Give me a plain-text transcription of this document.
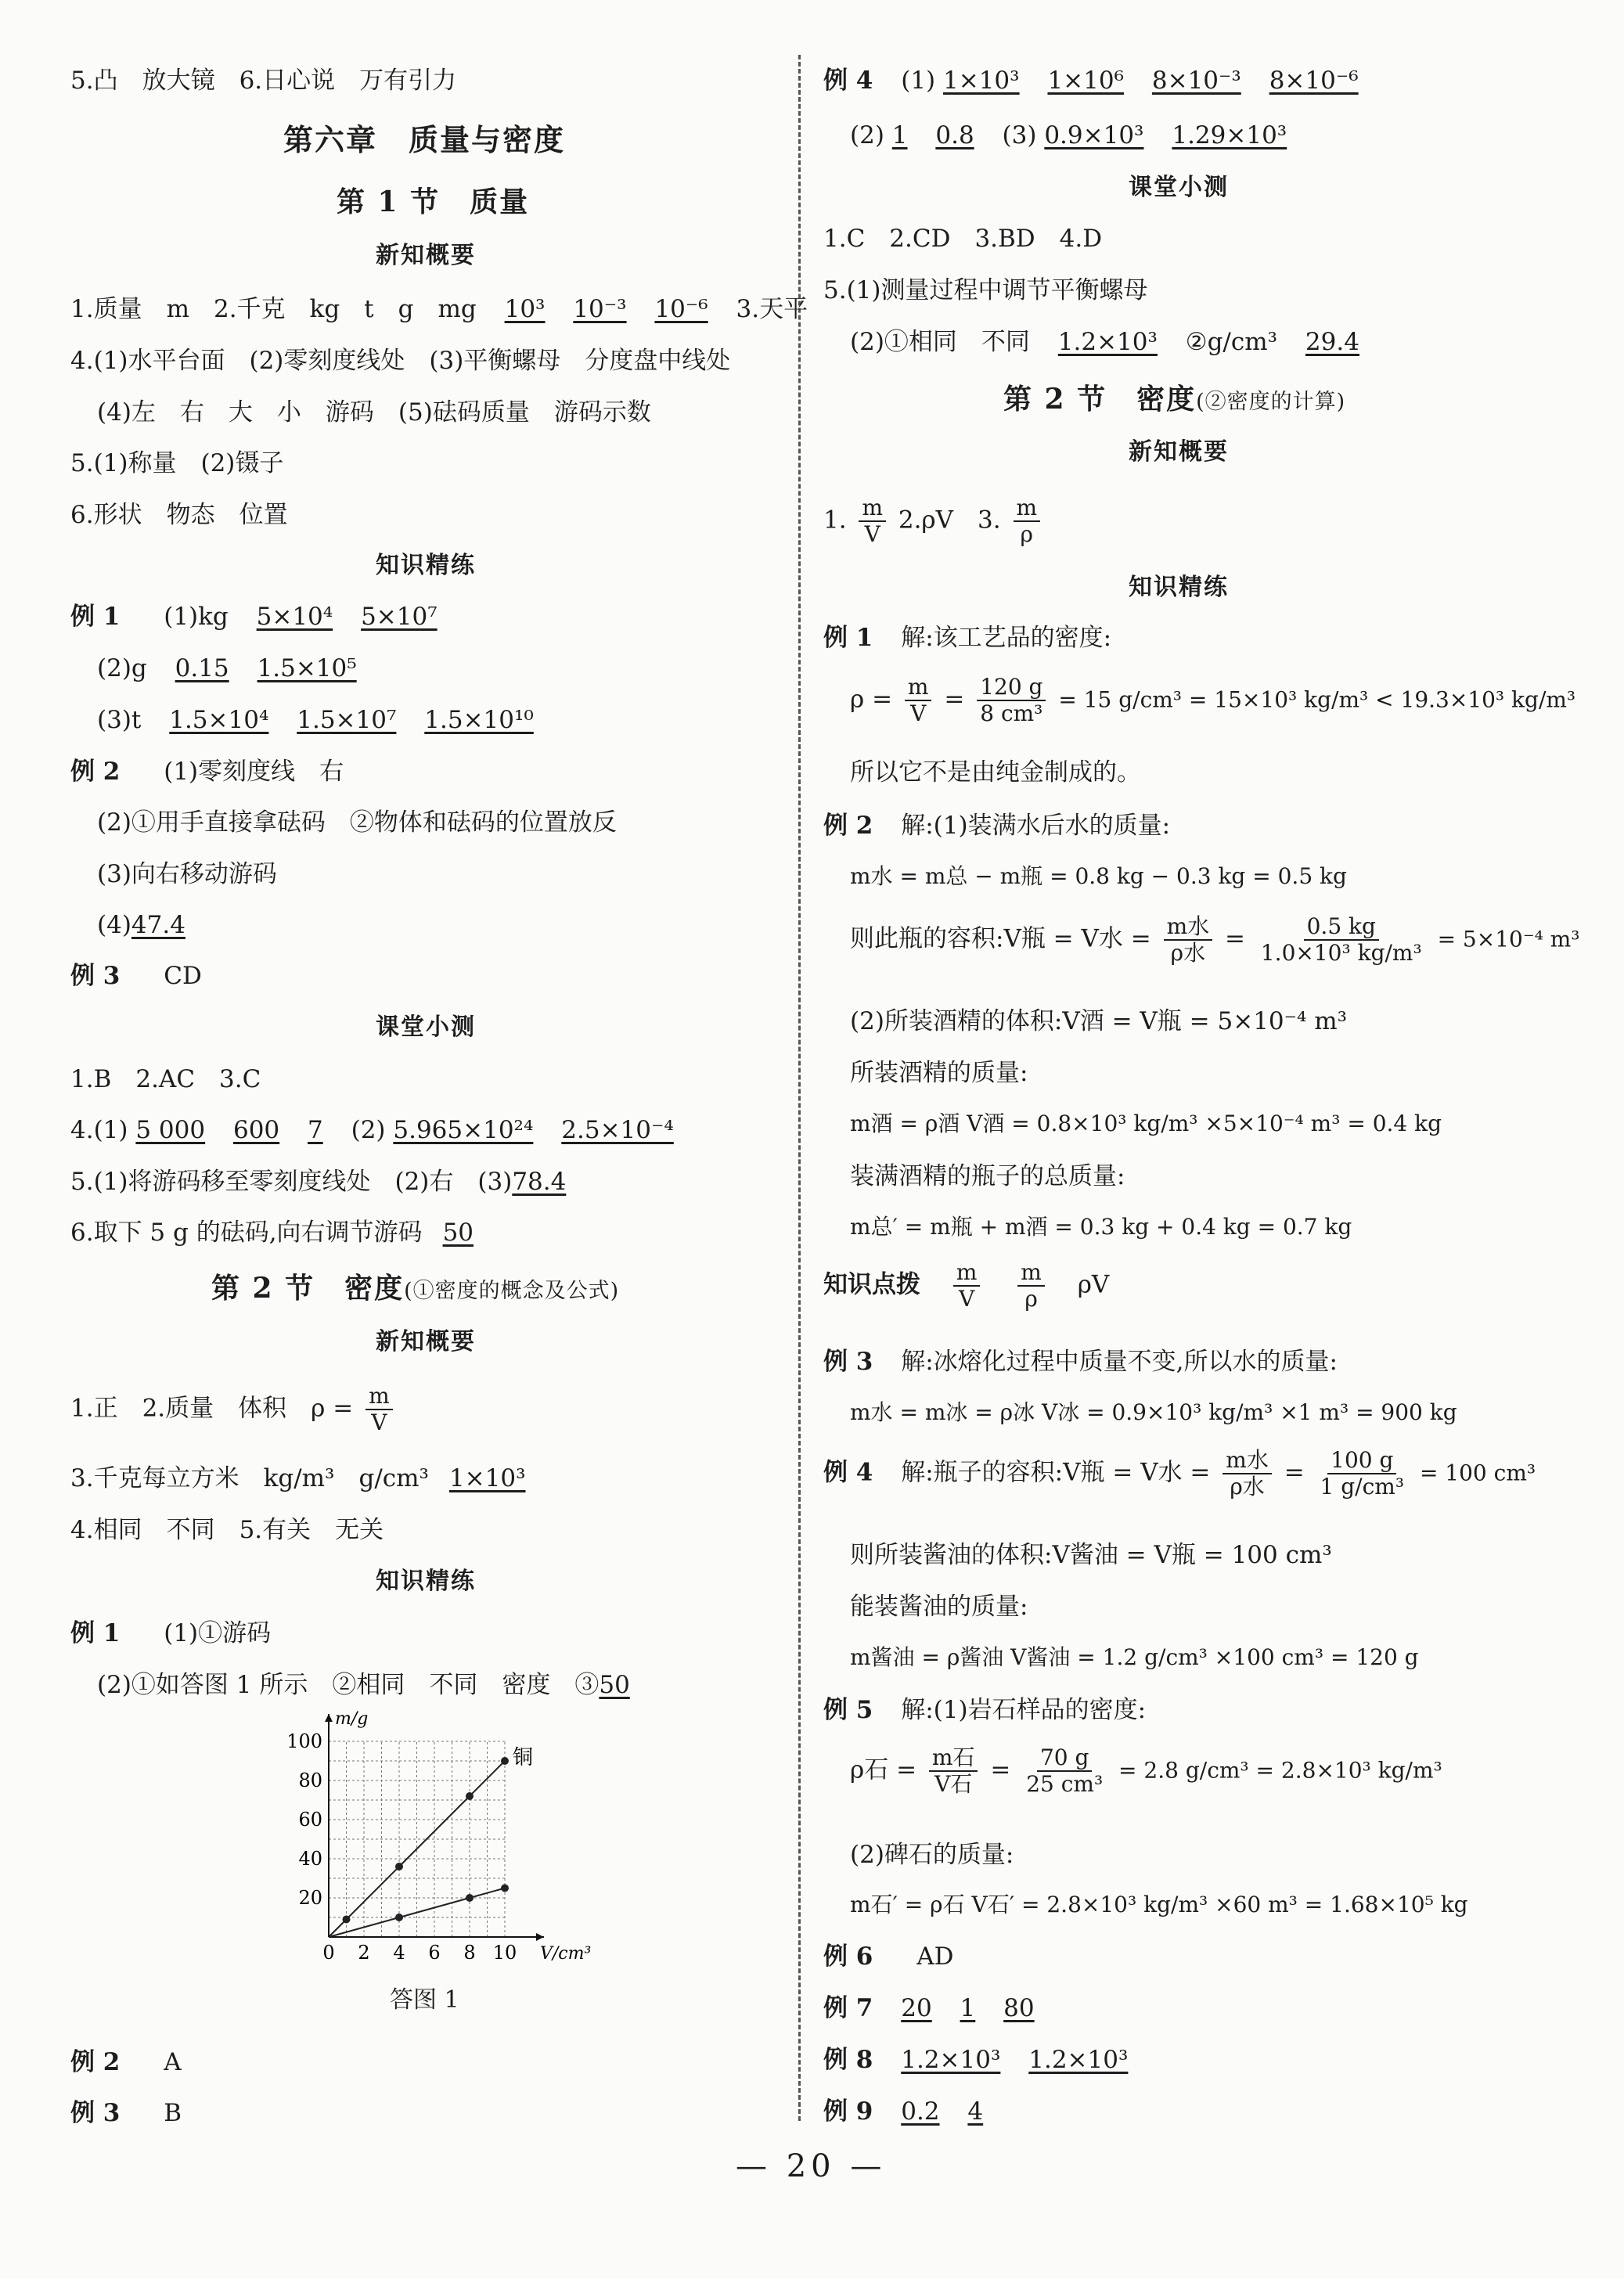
5.凸　放大镜　6.日心说　万有引力
第六章　质量与密度
第 1 节　质量
新知概要
1.质量　m　2.千克　kg　t　g　mg 10³ 10⁻³ 10⁻⁶ 3.天平
4.(1)水平台面　(2)零刻度线处　(3)平衡螺母　分度盘中线处
(4)左　右　大　小　游码　(5)砝码质量　游码示数
5.(1)称量　(2)镊子
6.形状　物态　位置
知识精练
例 1 (1)kg 5×10⁴ 5×10⁷
(2)g 0.15 1.5×10⁵
(3)t 1.5×10⁴ 1.5×10⁷ 1.5×10¹⁰
例 2 (1)零刻度线　右
(2)①用手直接拿砝码　②物体和砝码的位置放反
(3)向右移动游码
(4)47.4
例 3 CD
课堂小测
1.B　2.AC　3.C
4.(1) 5 000 600 7 (2) 5.965×10²⁴ 2.5×10⁻⁴
5.(1)将游码移至零刻度线处　(2)右　(3)78.4
6.取下 5 g 的砝码,向右调节游码 50
第 2 节　密度(①密度的概念及公式)
新知概要
1.正　2.质量　体积　$\rho = \frac{m}{V}$
3.千克每立方米　kg/m³　g/cm³ 1×10³
4.相同　不同　5.有关　无关
知识精练
例 1 (1)①游码
(2)①如答图 1 所示　②相同　不同　密度　③50
例 2 A
例 3 B
0 2 4 6 8 10
20
40
60
80
100
V/cm³
m/g
铜
答图 1
例 4 (1) 1×10³ 1×10⁶ 8×10⁻³ 8×10⁻⁶
(2) 1 0.8 (3) 0.9×10³ 1.29×10³
课堂小测
1.C　2.CD　3.BD　4.D
5.(1)测量过程中调节平衡螺母
(2)①相同　不同 1.2×10³ ②g/cm³ 29.4
第 2 节　密度(②密度的计算)
新知概要
1. $\frac{m}{V} 2.\rho V$　3. $\frac{m}{\rho}$
知识精练
例 1 解:该工艺品的密度:
$\rho = \frac{m}{V} = \frac{120 g}{\text{8 cm³}} = 15$ g/cm³ = 15×10³ kg/m³ < 19.3×10³ kg/m³
所以它不是由纯金制成的。
例 2 解:(1)装满水后水的质量:
m水 = m总 − m瓶 = 0.8 kg − 0.3 kg = 0.5 kg
则此瓶的容积:V瓶 = V水 = $\frac{\text{m水}}{\text{ρ水}} = \frac{0.5 kg}{\text{1.0×10³ kg/m³}} = 5\times 10^{-4}$ m³
(2)所装酒精的体积:V酒 = V瓶 = 5×10⁻⁴ m³
所装酒精的质量:
m酒 = ρ酒 V酒 = 0.8×10³ kg/m³ ×5×10⁻⁴ m³ = 0.4 kg
装满酒精的瓶子的总质量:
m总′ = m瓶 + m酒 = 0.3 kg + 0.4 kg = 0.7 kg
知识点拨 $\frac{m}{V}$
$\frac{m}{\rho}$ ρV
例 3 解:冰熔化过程中质量不变,所以水的质量:
m水 = m冰 = ρ冰 V冰 = 0.9×10³ kg/m³ ×1 m³ = 900 kg
例 4 解:瓶子的容积:V瓶 = V水 = $\frac{\text{m水}}{\text{ρ水}} = \frac{100 g}{\text{1 g/cm³}} = 100$ cm³
则所装酱油的体积:V酱油 = V瓶 = 100 cm³
能装酱油的质量:
m酱油 = ρ酱油 V酱油 = 1.2 g/cm³ ×100 cm³ = 120 g
例 5 解:(1)岩石样品的密度:
ρ石 = $\frac{\text{m石}}{\text{V石}} = \frac{70 g}{\text{25 cm³}} = 2.8$ g/cm³ = 2.8×10³ kg/m³
(2)碑石的质量:
m石′ = ρ石 V石′ = 2.8×10³ kg/m³ ×60 m³ = 1.68×10⁵ kg
例 6 AD
例 7 20 1 80
例 8 1.2×10³ 1.2×10³
例 9 0.2 4
— 20 —
